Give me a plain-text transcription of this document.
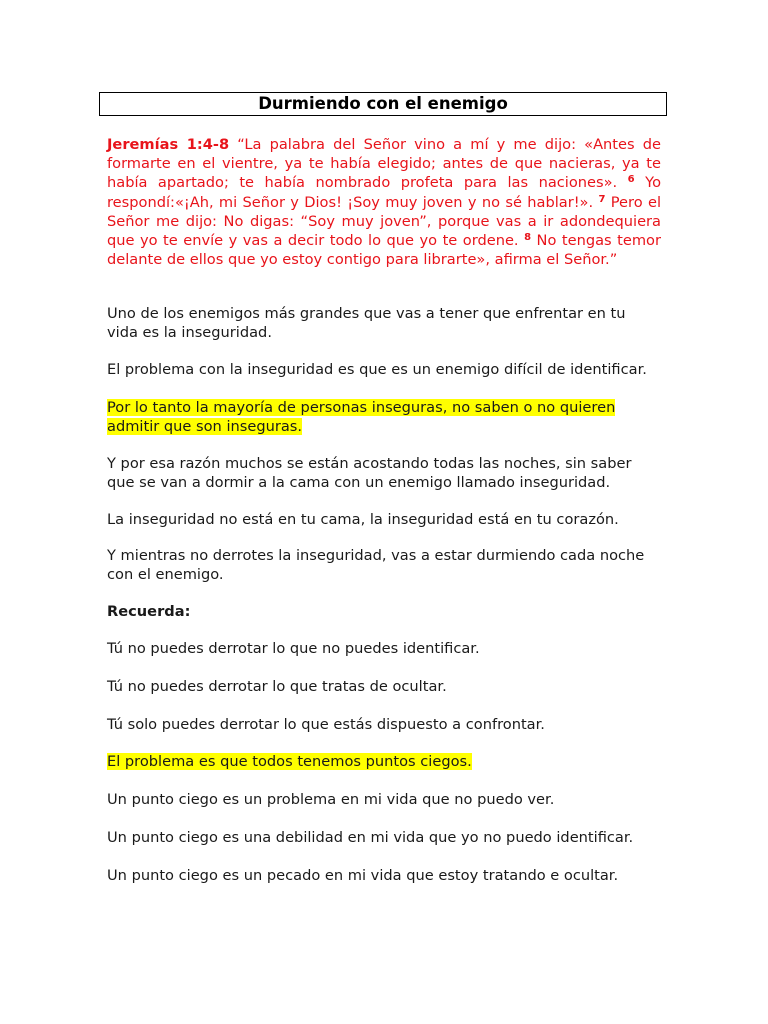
Durmiendo con el enemigo

Jeremías 1:4-8 “La palabra del Señor vino a mí y me dijo: «Antes de formarte en el vientre, ya te había elegido; antes de que nacieras, ya te había apartado; te había nombrado profeta para las naciones». $^6$ Yo respondí:«¡Ah, mi Señor y Dios! ¡Soy muy joven y no sé hablar!». $^7$ Pero el Señor me dijo: No digas: “Soy muy joven”, porque vas a ir adondequiera que yo te envíe y vas a decir todo lo que yo te ordene. $^8$ No tengas temor delante de ellos que yo estoy contigo para librarte», afirma el Señor.”

Uno de los enemigos más grandes que vas a tener que enfrentar en tu vida es la inseguridad.

El problema con la inseguridad es que es un enemigo difícil de identificar.

Por lo tanto la mayoría de personas inseguras, no saben o no quieren admitir que son inseguras.

Y por esa razón muchos se están acostando todas las noches, sin saber que se van a dormir a la cama con un enemigo llamado inseguridad.

La inseguridad no está en tu cama, la inseguridad está en tu corazón.

Y mientras no derrotes la inseguridad, vas a estar durmiendo cada noche con el enemigo.

Recuerda:

Tú no puedes derrotar lo que no puedes identificar.

Tú no puedes derrotar lo que tratas de ocultar.

Tú solo puedes derrotar lo que estás dispuesto a confrontar.

El problema es que todos tenemos puntos ciegos.

Un punto ciego es un problema en mi vida que no puedo ver.

Un punto ciego es una debilidad en mi vida que yo no puedo identificar.

Un punto ciego es un pecado en mi vida que estoy tratando e ocultar.
